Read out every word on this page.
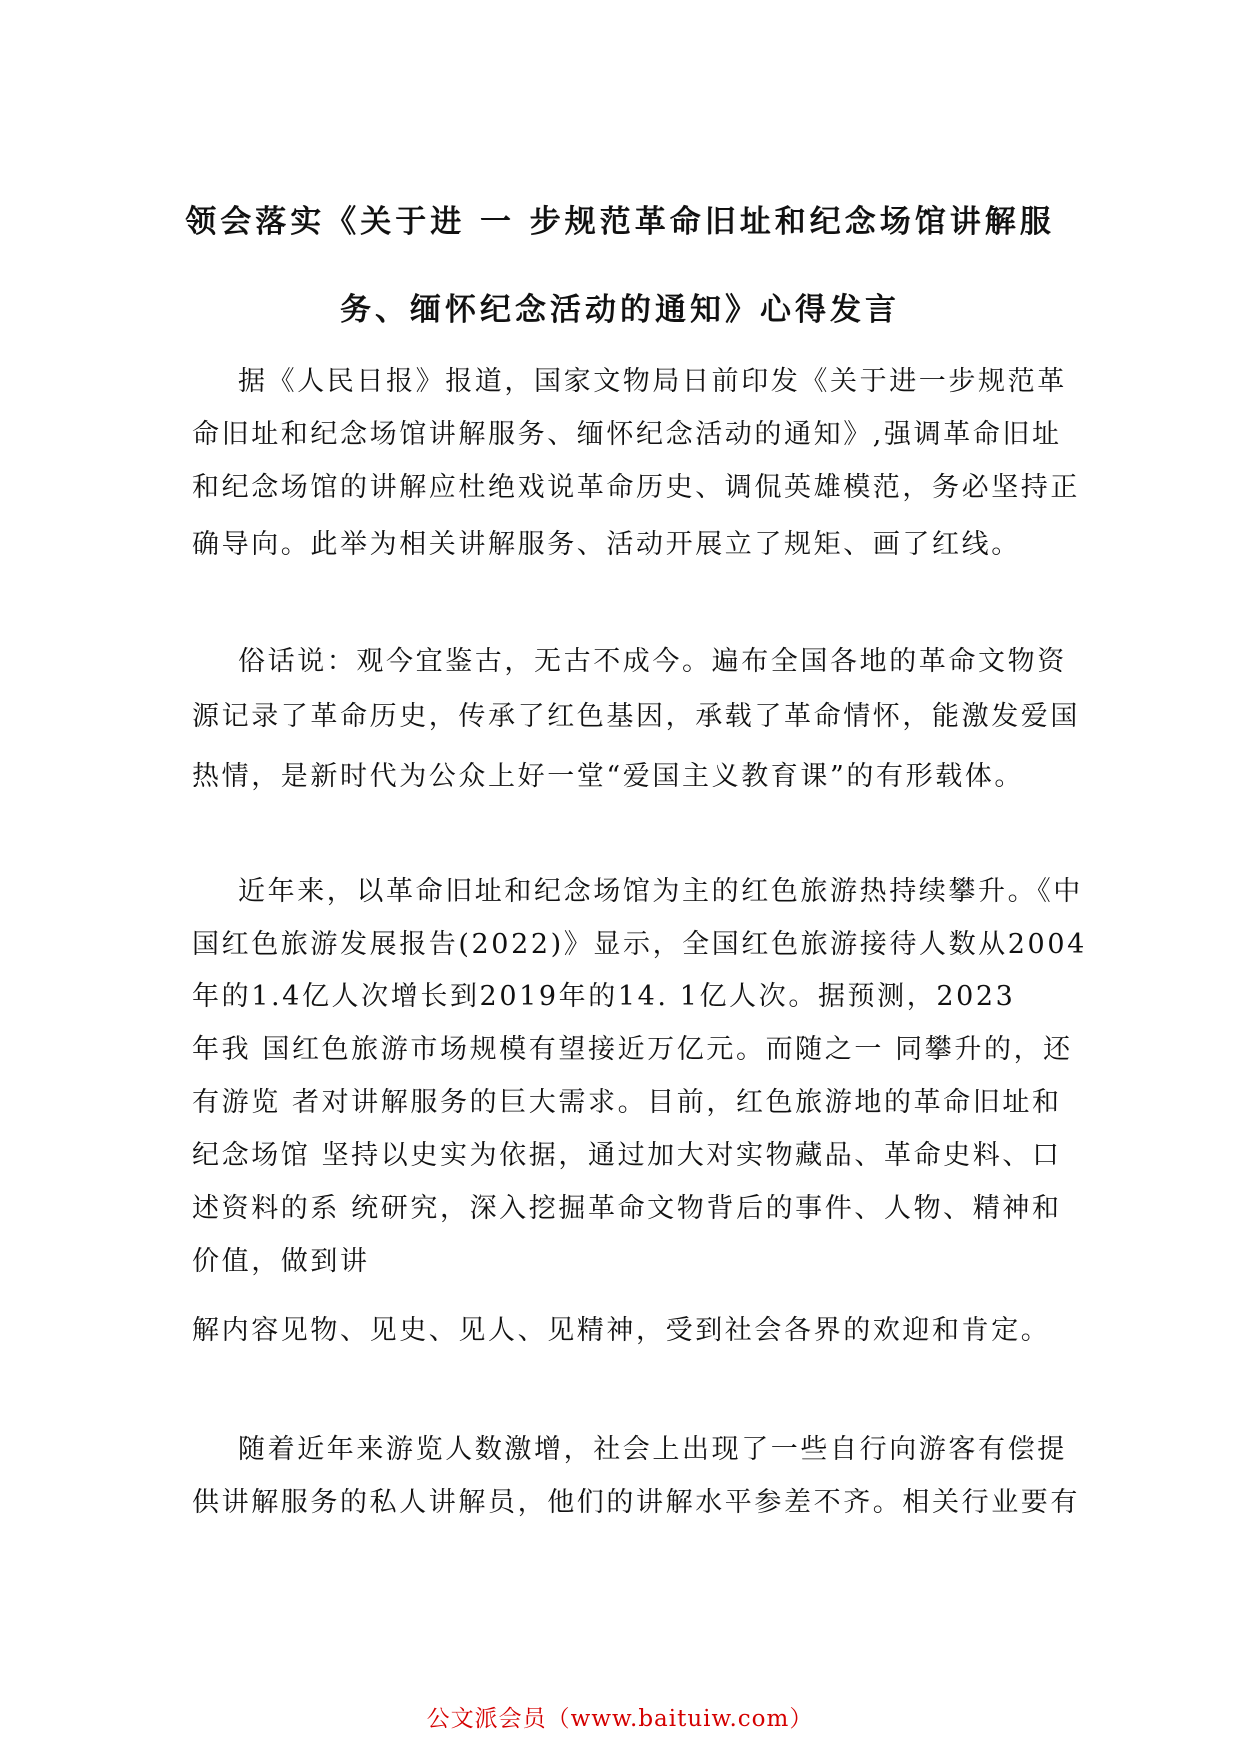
领会落实《关于进 一 步规范革命旧址和纪念场馆讲解服
务、缅怀纪念活动的通知》心得发言
据《人民日报》报道，国家文物局日前印发《关于进一步规范革
命旧址和纪念场馆讲解服务、缅怀纪念活动的通知》,强调革命旧址
和纪念场馆的讲解应杜绝戏说革命历史、调侃英雄模范，务必坚持正
确导向。此举为相关讲解服务、活动开展立了规矩、画了红线。
俗话说：观今宜鉴古，无古不成今。遍布全国各地的革命文物资
源记录了革命历史，传承了红色基因，承载了革命情怀，能激发爱国
热情，是新时代为公众上好一堂“爱国主义教育课”的有形载体。
近年来，以革命旧址和纪念场馆为主的红色旅游热持续攀升。《中
国红色旅游发展报告(2022)》显示，全国红色旅游接待人数从2004
年的1.4亿人次增长到2019年的14. 1亿人次。据预测，2023
年我 国红色旅游市场规模有望接近万亿元。而随之一 同攀升的，还
有游览 者对讲解服务的巨大需求。目前，红色旅游地的革命旧址和
纪念场馆 坚持以史实为依据，通过加大对实物藏品、革命史料、口
述资料的系 统研究，深入挖掘革命文物背后的事件、人物、精神和
价值，做到讲
解内容见物、见史、见人、见精神，受到社会各界的欢迎和肯定。
随着近年来游览人数激增，社会上出现了一些自行向游客有偿提
供讲解服务的私人讲解员，他们的讲解水平参差不齐。相关行业要有
公文派会员（www.baituiw.com）
